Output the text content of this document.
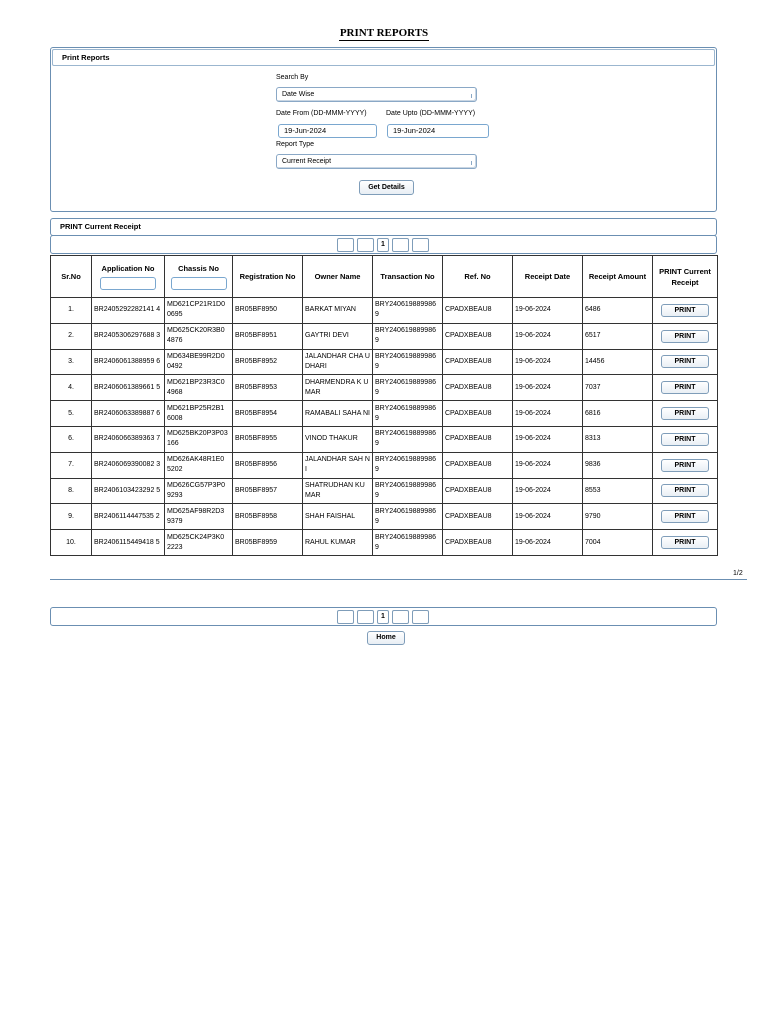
PRINT REPORTS
Print Reports
Search By
Date Wise
Date From (DD-MMM-YYYY)	Date Upto (DD-MMM-YYYY)
19-Jun-2024	19-Jun-2024
Report Type
Current Receipt
Get Details
PRINT Current Receipt
1
Sr.No	Application No	Chassis No	Registration No	Owner Name	Transaction No	Ref. No	Receipt Date	Receipt Amount	PRINT Current Receipt
1.	BR2405292282141 4	MD621CP21R1D0 0695	BR05BF8950	BARKAT MIYAN	BRY240619889986 9	CPADXBEAU8	19-06-2024	6486	PRINT

2.	BR2405306297688 3	MD625CK20R3B0 4876	BR05BF8951	GAYTRI DEVI	BRY240619889986 9	CPADXBEAU8	19-06-2024	6517	PRINT

3.	BR2406061388959 6	MD634BE99R2D0 0492	BR05BF8952	JALANDHAR CHA UDHARI	BRY240619889986 9	CPADXBEAU8	19-06-2024	14456	PRINT

4.	BR2406061389661 5	MD621BP23R3C0 4968	BR05BF8953	DHARMENDRA K UMAR	BRY240619889986 9	CPADXBEAU8	19-06-2024	7037	PRINT

5.	BR2406063389887 6	MD621BP25R2B1 6008	BR05BF8954	RAMABALI SAHA NI	BRY240619889986 9	CPADXBEAU8	19-06-2024	6816	PRINT

6.	BR2406066389363 7	MD625BK20P3P03 166	BR05BF8955	VINOD THAKUR	BRY240619889986 9	CPADXBEAU8	19-06-2024	8313	PRINT

7.	BR2406069390082 3	MD626AK48R1E0 5202	BR05BF8956	JALANDHAR SAH NI	BRY240619889986 9	CPADXBEAU8	19-06-2024	9836	PRINT

8.	BR2406103423292 5	MD626CG57P3P0 9293	BR05BF8957	SHATRUDHAN KU MAR	BRY240619889986 9	CPADXBEAU8	19-06-2024	8553	PRINT

9.	BR2406114447535 2	MD625AF98R2D3 9379	BR05BF8958	SHAH FAISHAL	BRY240619889986 9	CPADXBEAU8	19-06-2024	9790	PRINT

10.	BR2406115449418 5	MD625CK24P3K0 2223	BR05BF8959	RAHUL KUMAR	BRY240619889986 9	CPADXBEAU8	19-06-2024	7004	PRINT
1/2
1
Home
